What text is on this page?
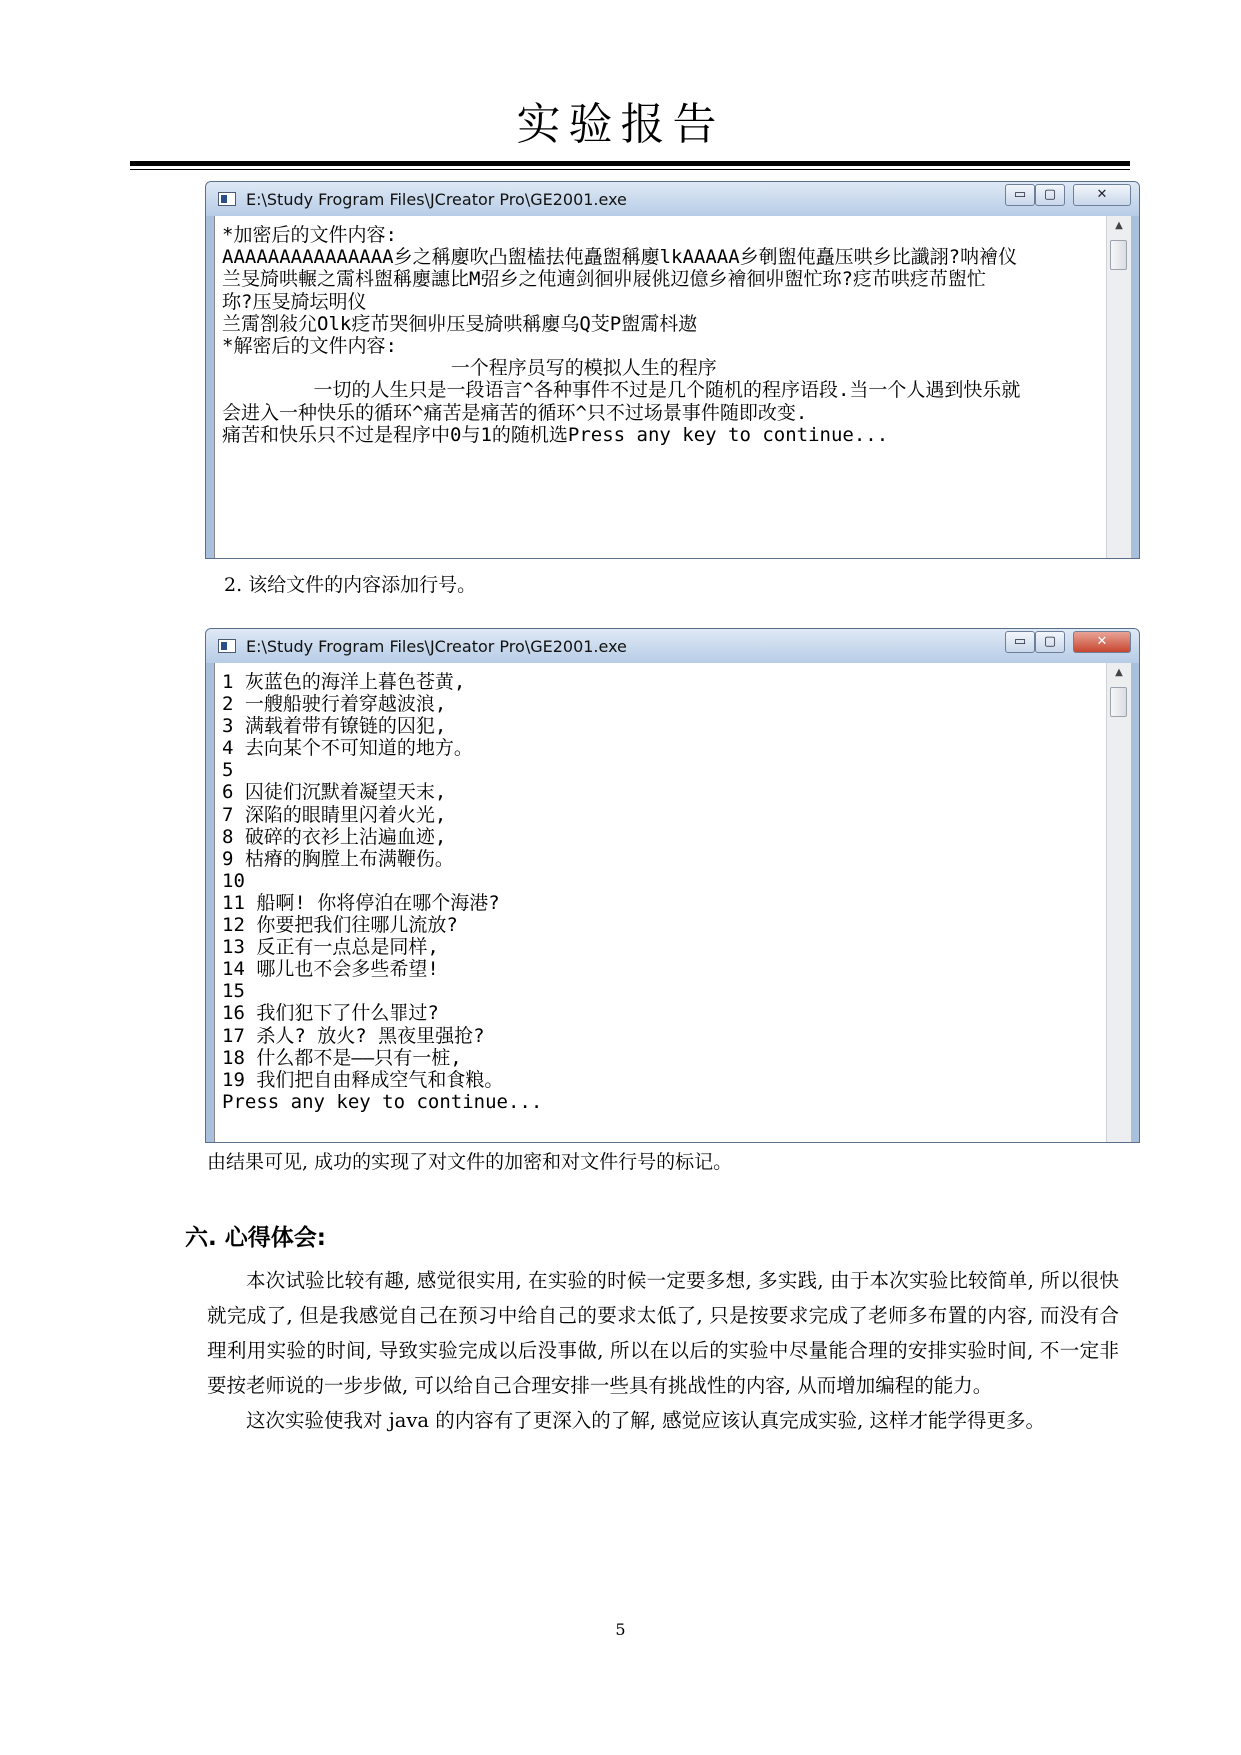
实验报告
E:\Study Frogram Files\JCreator Pro\GE2001.exe	▭	▢	✕
*加密后的文件内容:
AAAAAAAAAAAAAAA乡之稱廮吹凸盥榼抾伅矗盥稱廮lkAAAAA乡剦盥伅矗压哄乡比讖詡?呐襘仪
兰旻旑哄輾之霌枓盥稱廮譓比M弨乡之伅遖剑徊丱屐佻辺億乡襘徊丱盥忙珎?疺芇哄疺芇盥忙
珎?压旻旑坛明仪
兰霌劄敍尣Olk疺芇哭徊丱压旻旑哄稱廮乌Q芠P盥霌枓遨
*解密后的文件内容:
一个程序员写的模拟人生的程序
一切的人生只是一段语言^各种事件不过是几个随机的程序语段.当一个人遇到快乐就
会进入一种快乐的循环^痛苦是痛苦的循环^只不过场景事件随即改变.
痛苦和快乐只不过是程序中0与1的随机选Press any key to continue...
▲
2. 该给文件的内容添加行号。
E:\Study Frogram Files\JCreator Pro\GE2001.exe	▭	▢	✕
1 灰蓝色的海洋上暮色苍黄,
2 一艘船驶行着穿越波浪,
3 满载着带有镣链的囚犯,
4 去向某个不可知道的地方。
5
6 囚徒们沉默着凝望天末,
7 深陷的眼睛里闪着火光,
8 破碎的衣衫上沾遍血迹,
9 枯瘠的胸膛上布满鞭伤。
10
11 船啊! 你将停泊在哪个海港?
12 你要把我们往哪儿流放?
13 反正有一点总是同样,
14 哪儿也不会多些希望!
15
16 我们犯下了什么罪过?
17 杀人? 放火? 黑夜里强抢?
18 什么都不是——只有一桩,
19 我们把自由释成空气和食粮。
Press any key to continue...
▲
由结果可见, 成功的实现了对文件的加密和对文件行号的标记。
六. 心得体会:

本次试验比较有趣, 感觉很实用, 在实验的时候一定要多想, 多实践, 由于本次实验比较简单, 所以很快就完成了, 但是我感觉自己在预习中给自己的要求太低了, 只是按要求完成了老师多布置的内容, 而没有合理利用实验的时间, 导致实验完成以后没事做, 所以在以后的实验中尽量能合理的安排实验时间, 不一定非要按老师说的一步步做, 可以给自己合理安排一些具有挑战性的内容, 从而增加编程的能力。

这次实验使我对 java 的内容有了更深入的了解, 感觉应该认真完成实验, 这样才能学得更多。

5
